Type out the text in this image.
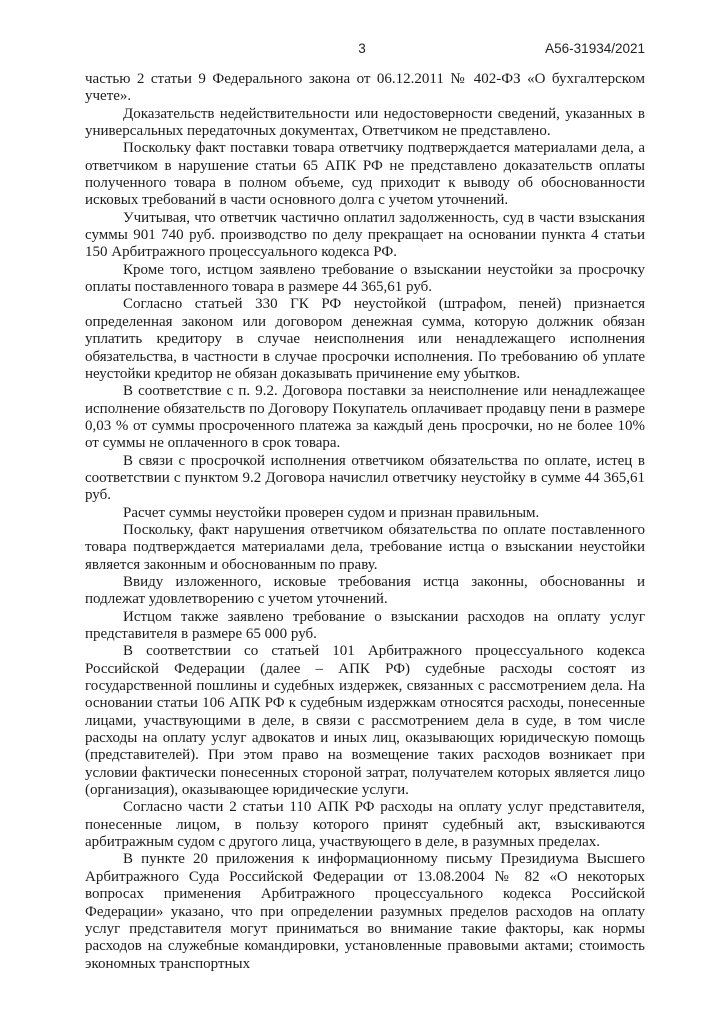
3	А56-31934/2021

частью 2 статьи 9 Федерального закона от 06.12.2011 № 402-ФЗ «О бухгалтерском учете».

Доказательств недействительности или недостоверности сведений, указанных в универсальных передаточных документах, Ответчиком не представлено.

Поскольку факт поставки товара ответчику подтверждается материалами дела, а ответчиком в нарушение статьи 65 АПК РФ не представлено доказательств оплаты полученного товара в полном объеме, суд приходит к выводу об обоснованности исковых требований в части основного долга с учетом уточнений.

Учитывая, что ответчик частично оплатил задолженность, суд в части взыскания суммы 901 740 руб. производство по делу прекращает на основании пункта 4 статьи 150 Арбитражного процессуального кодекса РФ.

Кроме того, истцом заявлено требование о взыскании неустойки за просрочку оплаты поставленного товара в размере 44 365,61 руб.

Согласно статьей 330 ГК РФ неустойкой (штрафом, пеней) признается определенная законом или договором денежная сумма, которую должник обязан уплатить кредитору в случае неисполнения или ненадлежащего исполнения обязательства, в частности в случае просрочки исполнения. По требованию об уплате неустойки кредитор не обязан доказывать причинение ему убытков.

В соответствие с п. 9.2. Договора поставки за неисполнение или ненадлежащее исполнение обязательств по Договору Покупатель оплачивает продавцу пени в размере 0,03 % от суммы просроченного платежа за каждый день просрочки, но не более 10% от суммы не оплаченного в срок товара.

В связи с просрочкой исполнения ответчиком обязательства по оплате, истец в соответствии с пунктом 9.2 Договора начислил ответчику неустойку в сумме 44 365,61 руб.

Расчет суммы неустойки проверен судом и признан правильным.

Поскольку, факт нарушения ответчиком обязательства по оплате поставленного товара подтверждается материалами дела, требование истца о взыскании неустойки является законным и обоснованным по праву.

Ввиду изложенного, исковые требования истца законны, обоснованны и подлежат удовлетворению с учетом уточнений.

Истцом также заявлено требование о взыскании расходов на оплату услуг представителя в размере 65 000 руб.

В соответствии со статьей 101 Арбитражного процессуального кодекса Российской Федерации (далее – АПК РФ) судебные расходы состоят из государственной пошлины и судебных издержек, связанных с рассмотрением дела. На основании статьи 106 АПК РФ к судебным издержкам относятся расходы, понесенные лицами, участвующими в деле, в связи с рассмотрением дела в суде, в том числе расходы на оплату услуг адвокатов и иных лиц, оказывающих юридическую помощь (представителей). При этом право на возмещение таких расходов возникает при условии фактически понесенных стороной затрат, получателем которых является лицо (организация), оказывающее юридические услуги.

Согласно части 2 статьи 110 АПК РФ расходы на оплату услуг представителя, понесенные лицом, в пользу которого принят судебный акт, взыскиваются арбитражным судом с другого лица, участвующего в деле, в разумных пределах.

В пункте 20 приложения к информационному письму Президиума Высшего Арбитражного Суда Российской Федерации от 13.08.2004 № 82 «О некоторых вопросах применения Арбитражного процессуального кодекса Российской Федерации» указано, что при определении разумных пределов расходов на оплату услуг представителя могут приниматься во внимание такие факторы, как нормы расходов на служебные командировки, установленные правовыми актами; стоимость экономных транспортных
